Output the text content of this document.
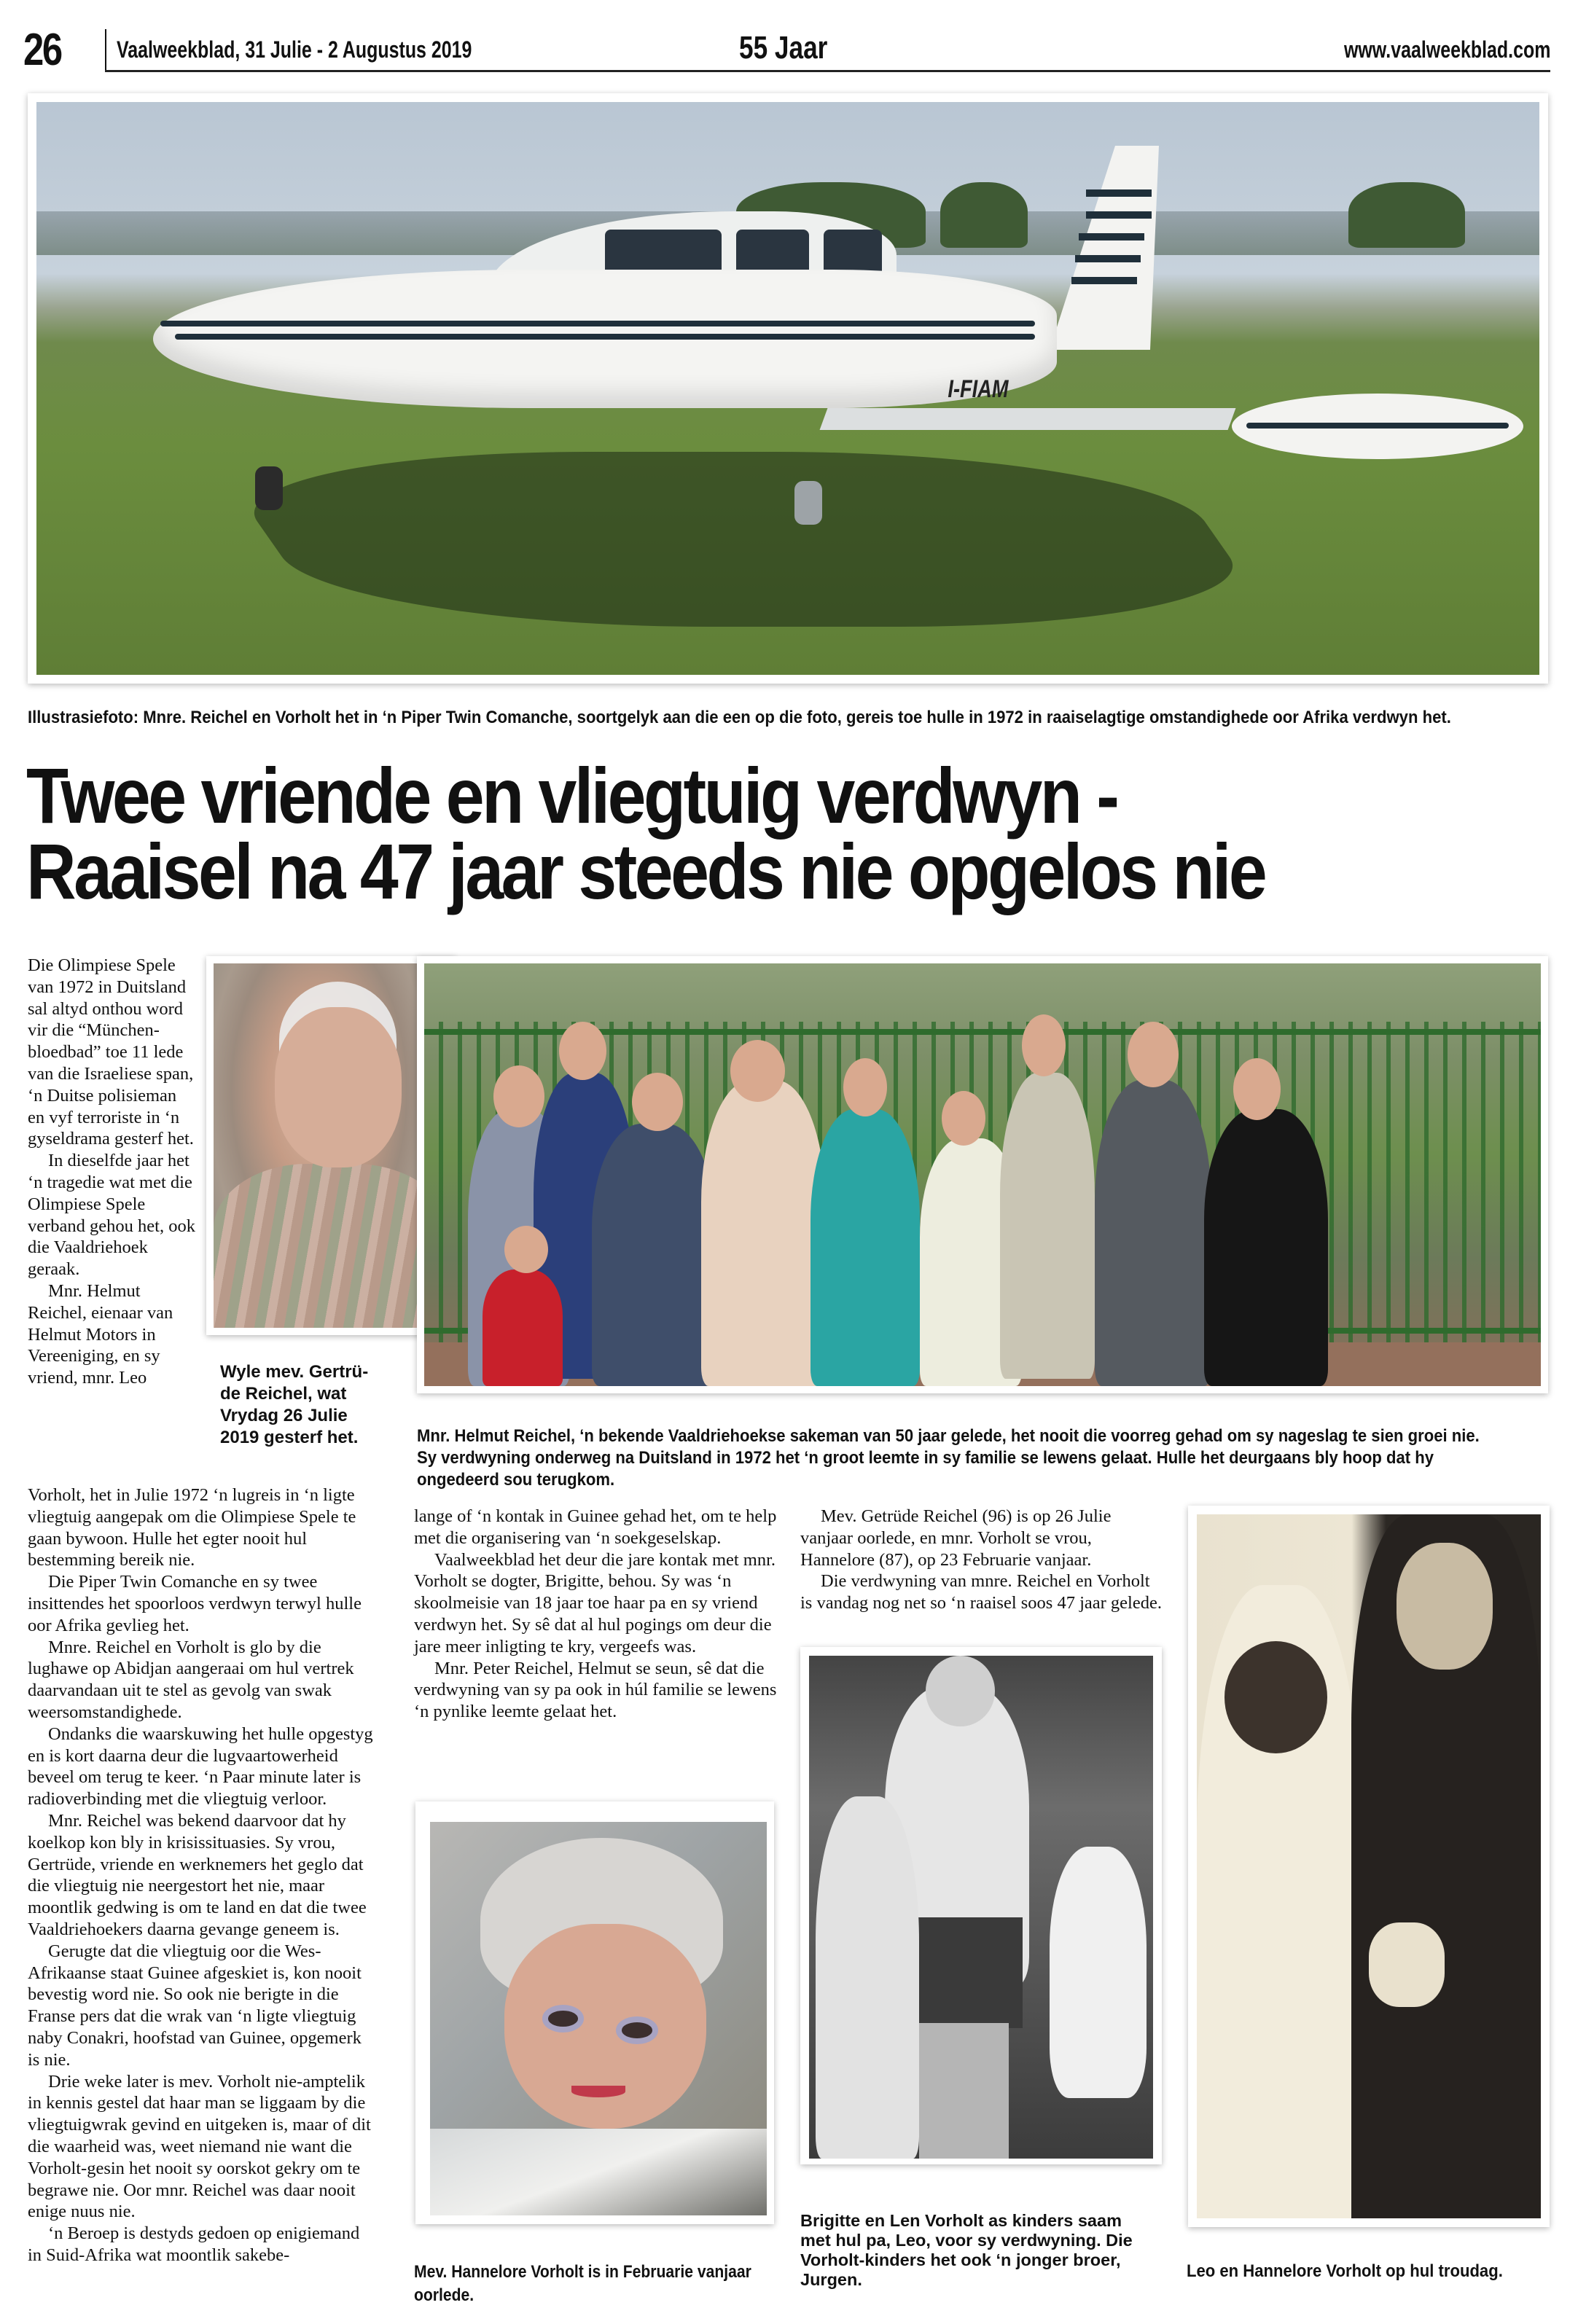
26 Vaalweekblad, 31 Julie - 2 Augustus 2019	55 Jaar	www.vaalweekblad.com
I-FIAM
Illustrasiefoto: Mnre. Reichel en Vorholt het in ‘n Piper Twin Comanche, soortgelyk aan die een op die foto, gereis toe hulle in 1972 in raaiselagtige omstandighede oor Afrika verdwyn het.
Twee vriende en vliegtuig verdwyn -
Raaisel na 47 jaar steeds nie opgelos nie
Wyle mev. Gertrü-de Reichel, wat Vrydag 26 Julie 2019 gesterf het.	Mnr. Helmut Reichel, ‘n bekende Vaaldriehoekse sakeman van 50 jaar gelede, het nooit die voorreg gehad om sy nageslag te sien groei nie. Sy verdwyning onderweg na Duitsland in 1972 het ‘n groot leemte in sy familie se lewens gelaat. Hulle het deurgaans bly hoop dat hy ongedeerd sou terugkom.

Die Olimpiese Spele van 1972 in Duitsland sal altyd onthou word vir die “München-bloedbad” toe 11 lede van die Israeliese span, ‘n Duitse polisieman en vyf terroriste in ‘n gyseldrama gesterf het.

In dieselfde jaar het ‘n tragedie wat met die Olimpiese Spele verband gehou het, ook die Vaaldriehoek geraak.

Mnr. Helmut Reichel, eienaar van Helmut Motors in Vereeniging, en sy vriend, mnr. Leo

Vorholt, het in Julie 1972 ‘n lugreis in ‘n ligte vliegtuig aangepak om die Olimpiese Spele te gaan bywoon. Hulle het egter nooit hul bestemming bereik nie.

Die Piper Twin Comanche en sy twee insittendes het spoorloos verdwyn terwyl hulle oor Afrika gevlieg het.

Mnre. Reichel en Vorholt is glo by die lughawe op Abidjan aangeraai om hul vertrek daarvandaan uit te stel as gevolg van swak weersomstandighede.

Ondanks die waarskuwing het hulle opgestyg en is kort daarna deur die lugvaartowerheid beveel om terug te keer. ‘n Paar minute later is radioverbinding met die vliegtuig verloor.

Mnr. Reichel was bekend daarvoor dat hy koelkop kon bly in krisissituasies. Sy vrou, Gertrüde, vriende en werknemers het geglo dat die vliegtuig nie neergestort het nie, maar moontlik gedwing is om te land en dat die twee Vaaldriehoekers daarna gevange geneem is.

Gerugte dat die vliegtuig oor die Wes-Afrikaanse staat Guinee afgeskiet is, kon nooit bevestig word nie. So ook nie berigte in die Franse pers dat die wrak van ‘n ligte vliegtuig naby Conakri, hoofstad van Guinee, opgemerk is nie.

Drie weke later is mev. Vorholt nie-amptelik in kennis gestel dat haar man se liggaam by die vliegtuigwrak gevind en uitgeken is, maar of dit die waarheid was, weet niemand nie want die Vorholt-gesin het nooit sy oorskot gekry om te begrawe nie. Oor mnr. Reichel was daar nooit enige nuus nie.

‘n Beroep is destyds gedoen op enigiemand in Suid-Afrika wat moontlik sakebe-

lange of ‘n kontak in Guinee gehad het, om te help met die organisering van ‘n soekgeselskap.

Vaalweekblad het deur die jare kontak met mnr. Vorholt se dogter, Brigitte, behou. Sy was ‘n skoolmeisie van 18 jaar toe haar pa en sy vriend verdwyn het. Sy sê dat al hul pogings om deur die jare meer inligting te kry, vergeefs was.

Mnr. Peter Reichel, Helmut se seun, sê dat die verdwyning van sy pa ook in húl familie se lewens ‘n pynlike leemte gelaat het.

Mev. Getrüde Reichel (96) is op 26 Julie vanjaar oorlede, en mnr. Vorholt se vrou, Hannelore (87), op 23 Februarie vanjaar.

Die verdwyning van mnre. Reichel en Vorholt is vandag nog net so ‘n raaisel soos 47 jaar gelede.

Mev. Hannelore Vorholt is in Februarie vanjaar oorlede.
Brigitte en Len Vorholt as kinders saam met hul pa, Leo, voor sy verdwyning. Die Vorholt-kinders het ook ‘n jonger broer, Jurgen.	Leo en Hannelore Vorholt op hul troudag.
